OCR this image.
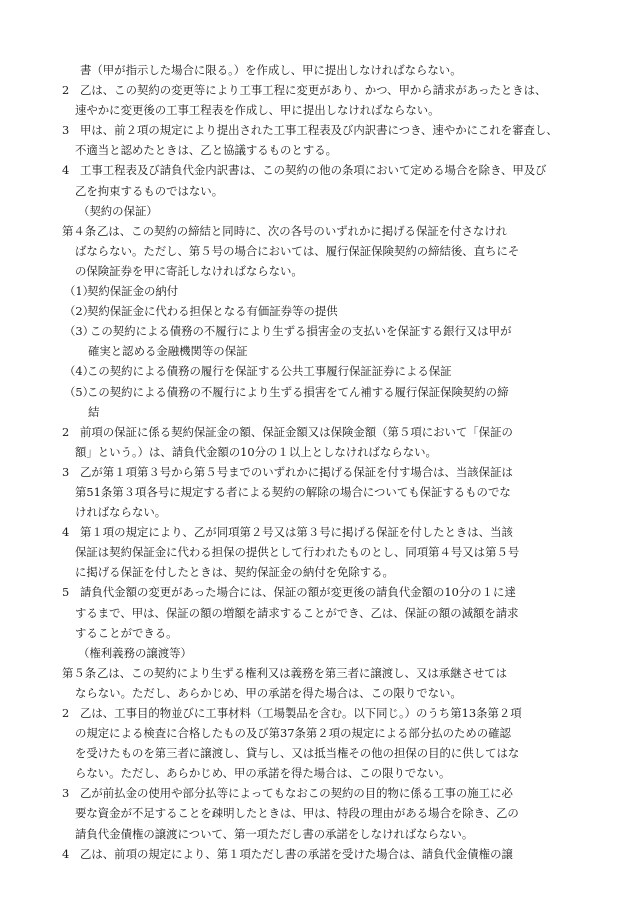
書（甲が指示した場合に限る。）を作成し、甲に提出しなければならない。
2 乙は、この契約の変更等により工事工程に変更があり、かつ、甲から請求があったときは、
速やかに変更後の工事工程表を作成し、甲に提出しなければならない。
3 甲は、前２項の規定により提出された工事工程表及び内訳書につき、速やかにこれを審査し、
不適当と認めたときは、乙と協議するものとする。
4 工事工程表及び請負代金内訳書は、この契約の他の条項において定める場合を除き、甲及び
乙を拘束するものではない。
（契約の保証）
第４条 乙は、この契約の締結と同時に、次の各号のいずれかに掲げる保証を付さなけれ
ばならない。ただし、第５号の場合においては、履行保証保険契約の締結後、直ちにそ
の保険証券を甲に寄託しなければならない。
（1）
契約保証金の納付
（2）
契約保証金に代わる担保となる有価証券等の提供
（3）
この契約による債務の不履行により生ずる損害金の支払いを保証する銀行又は甲が
確実と認める金融機関等の保証
（4）
この契約による債務の履行を保証する公共工事履行保証証券による保証
（5）
この契約による債務の不履行により生ずる損害をてん補する履行保証保険契約の締
結
2 前項の保証に係る契約保証金の額、保証金額又は保険金額（第５項において「保証の
額」という。）は、請負代金額の10分の１以上としなければならない。
3 乙が第１項第３号から第５号までのいずれかに掲げる保証を付す場合は、当該保証は
第51条第３項各号に規定する者による契約の解除の場合についても保証するものでな
ければならない。
4 第１項の規定により、乙が同項第２号又は第３号に掲げる保証を付したときは、当該
保証は契約保証金に代わる担保の提供として行われたものとし、同項第４号又は第５号
に掲げる保証を付したときは、契約保証金の納付を免除する。
5 請負代金額の変更があった場合には、保証の額が変更後の請負代金額の10分の１に達
するまで、甲は、保証の額の増額を請求することができ、乙は、保証の額の減額を請求
することができる。
（権利義務の譲渡等）
第５条 乙は、この契約により生ずる権利又は義務を第三者に譲渡し、又は承継させては
ならない。ただし、あらかじめ、甲の承諾を得た場合は、この限りでない。
2 乙は、工事目的物並びに工事材料（工場製品を含む。以下同じ。）のうち第13条第２項
の規定による検査に合格したもの及び第37条第２項の規定による部分払のための確認
を受けたものを第三者に譲渡し、貸与し、又は抵当権その他の担保の目的に供してはな
らない。ただし、あらかじめ、甲の承諾を得た場合は、この限りでない。
3 乙が前払金の使用や部分払等によってもなおこの契約の目的物に係る工事の施工に必
要な資金が不足することを疎明したときは、甲は、特段の理由がある場合を除き、乙の
請負代金債権の譲渡について、第一項ただし書の承諾をしなければならない。
4 乙は、前項の規定により、第１項ただし書の承諾を受けた場合は、請負代金債権の譲
